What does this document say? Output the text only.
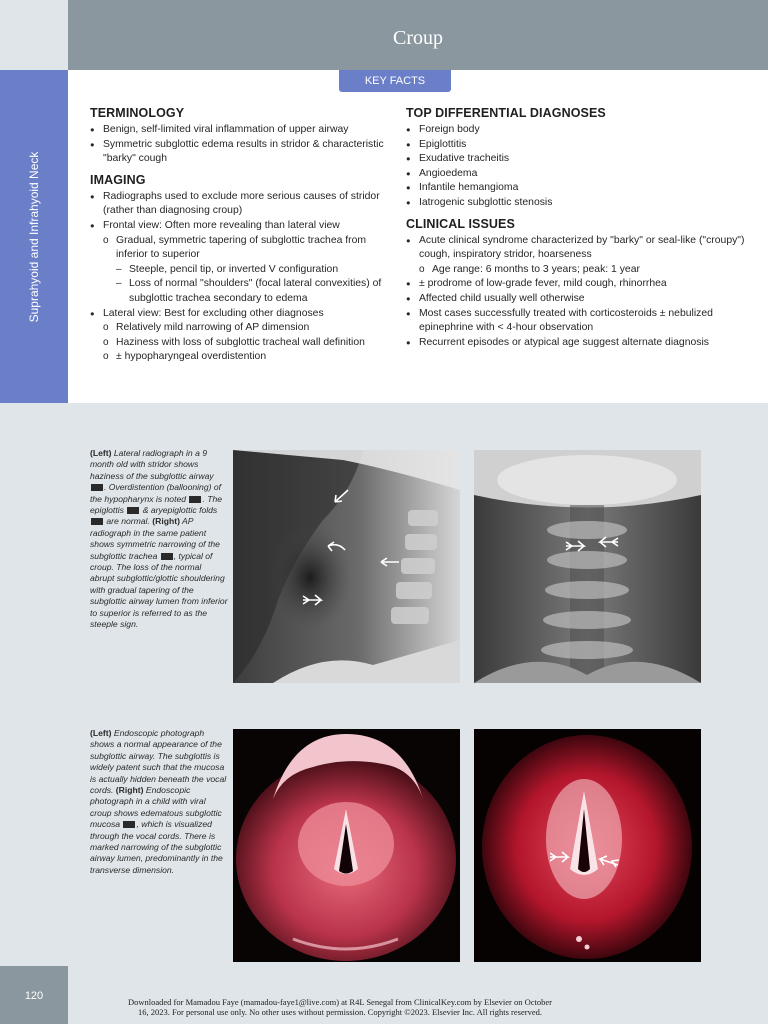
Croup
Suprahyoid and Infrahyoid Neck
KEY FACTS
TERMINOLOGY
● Benign, self-limited viral inflammation of upper airway
● Symmetric subglottic edema results in stridor & characteristic "barky" cough
IMAGING
● Radiographs used to exclude more serious causes of stridor (rather than diagnosing croup)
● Frontal view: Often more revealing than lateral view
o Gradual, symmetric tapering of subglottic trachea from inferior to superior
– Steeple, pencil tip, or inverted V configuration
– Loss of normal "shoulders" (focal lateral convexities) of subglottic trachea secondary to edema
● Lateral view: Best for excluding other diagnoses
o Relatively mild narrowing of AP dimension
o Haziness with loss of subglottic tracheal wall definition
o ± hypopharyngeal overdistention
TOP DIFFERENTIAL DIAGNOSES
● Foreign body
● Epiglottitis
● Exudative tracheitis
● Angioedema
● Infantile hemangioma
● Iatrogenic subglottic stenosis
CLINICAL ISSUES
● Acute clinical syndrome characterized by "barky" or seal-like ("croupy") cough, inspiratory stridor, hoarseness
o Age range: 6 months to 3 years; peak: 1 year
● ± prodrome of low-grade fever, mild cough, rhinorrhea
● Affected child usually well otherwise
● Most cases successfully treated with corticosteroids ± nebulized epinephrine with < 4-hour observation
● Recurrent episodes or atypical age suggest alternate diagnosis
(Left) Lateral radiograph in a 9 month old with stridor shows haziness of the subglottic airway . Overdistention (ballooning) of the hypopharynx is noted . The epiglottis  & aryepiglottic folds  are normal. (Right) AP radiograph in the same patient shows symmetric narrowing of the subglottic trachea , typical of croup. The loss of the normal abrupt subglottic/glottic shouldering with gradual tapering of the subglottic airway lumen from inferior to superior is referred to as the steeple sign.
(Left) Endoscopic photograph shows a normal appearance of the subglottic airway. The subglottis is widely patent such that the mucosa is actually hidden beneath the vocal cords. (Right) Endoscopic photograph in a child with viral croup shows edematous subglottic mucosa , which is visualized through the vocal cords. There is marked narrowing of the subglottic airway lumen, predominantly in the transverse dimension.
120	Downloaded for Mamadou Faye (mamadou-faye1@live.com) at R4L Senegal from ClinicalKey.com by Elsevier on October
16, 2023. For personal use only. No other uses without permission. Copyright ©2023. Elsevier Inc. All rights reserved.
